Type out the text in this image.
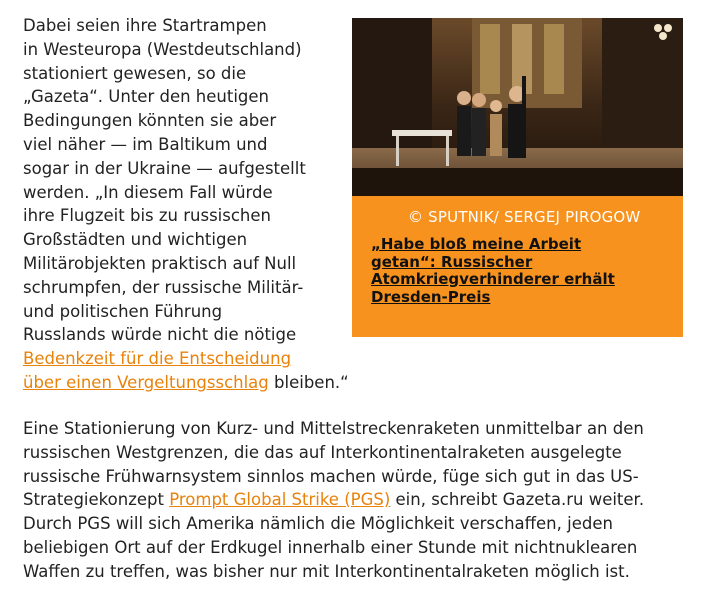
Dabei seien ihre Startrampen
in Westeuropa (Westdeutschland)
stationiert gewesen, so die
„Gazeta“. Unter den heutigen
Bedingungen könnten sie aber
viel näher — im Baltikum und
sogar in der Ukraine — aufgestellt
werden. „In diesem Fall würde
ihre Flugzeit bis zu russischen
Großstädten und wichtigen
Militärobjekten praktisch auf Null
schrumpfen, der russische Militär-
und politischen Führung
Russlands würde nicht die nötige
Bedenkzeit für die Entscheidung
über einen Vergeltungsschlag bleiben.“
© SPUTNIK/ SERGEJ PIROGOW
„Habe bloß meine Arbeit
getan“: Russischer
Atomkriegverhinderer erhält
Dresden-Preis
Eine Stationierung von Kurz- und Mittelstreckenraketen unmittelbar an den
russischen Westgrenzen, die das auf Interkontinentalraketen ausgelegte
russische Frühwarnsystem sinnlos machen würde, füge sich gut in das US-
Strategiekonzept Prompt Global Strike (PGS) ein, schreibt Gazeta.ru weiter.
Durch PGS will sich Amerika nämlich die Möglichkeit verschaffen, jeden
beliebigen Ort auf der Erdkugel innerhalb einer Stunde mit nichtnuklearen
Waffen zu treffen, was bisher nur mit Interkontinentalraketen möglich ist.
